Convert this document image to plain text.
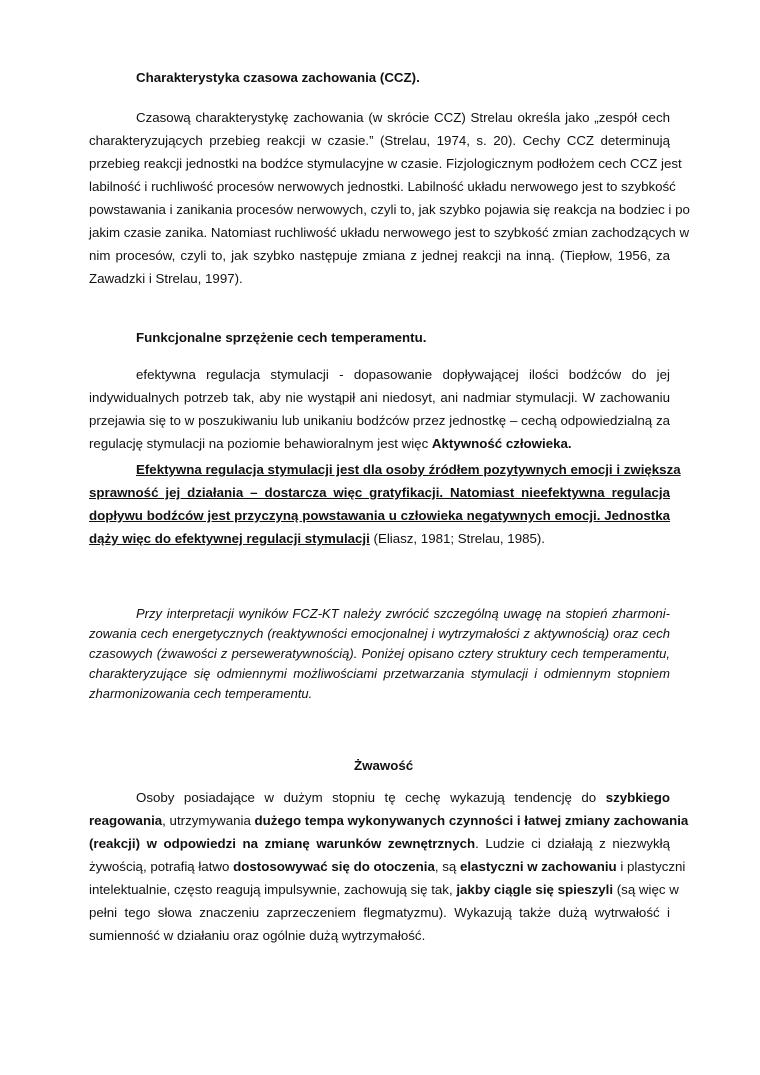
Charakterystyka czasowa zachowania (CCZ).
Czasową charakterystykę zachowania (w skrócie CCZ) Strelau określa jako „zespół cech
charakteryzujących przebieg reakcji w czasie.” (Strelau, 1974, s. 20). Cechy CCZ determinują
przebieg reakcji jednostki na bodźce stymulacyjne w czasie. Fizjologicznym podłożem cech CCZ jest
labilność i ruchliwość procesów nerwowych jednostki. Labilność układu nerwowego jest to szybkość
powstawania i zanikania procesów nerwowych, czyli to, jak szybko pojawia się reakcja na bodziec i po
jakim czasie zanika. Natomiast ruchliwość układu nerwowego jest to szybkość zmian zachodzących w
nim procesów, czyli to, jak szybko następuje zmiana z jednej reakcji na inną. (Tiepłow, 1956, za
Zawadzki i Strelau, 1997).
Funkcjonalne sprzężenie cech temperamentu.
efektywna regulacja stymulacji - dopasowanie dopływającej ilości bodźców do jej
indywidualnych potrzeb tak, aby nie wystąpił ani niedosyt, ani nadmiar stymulacji. W zachowaniu
przejawia się to w poszukiwaniu lub unikaniu bodźców przez jednostkę – cechą odpowiedzialną za
regulację stymulacji na poziomie behawioralnym jest więc Aktywność człowieka.
Efektywna regulacja stymulacji jest dla osoby źródłem pozytywnych emocji i zwiększa
sprawność jej działania – dostarcza więc gratyfikacji. Natomiast nieefektywna regulacja
dopływu bodźców jest przyczyną powstawania u człowieka negatywnych emocji. Jednostka
dąży więc do efektywnej regulacji stymulacji (Eliasz, 1981; Strelau, 1985).
Przy interpretacji wyników FCZ-KT należy zwrócić szczególną uwagę na stopień zharmoni-
zowania cech energetycznych (reaktywności emocjonalnej i wytrzymałości z aktywnością) oraz cech
czasowych (żwawości z perseweratywnością). Poniżej opisano cztery struktury cech temperamentu,
charakteryzujące się odmiennymi możliwościami przetwarzania stymulacji i odmiennym stopniem
zharmonizowania cech temperamentu.
Żwawość
Osoby posiadające w dużym stopniu tę cechę wykazują tendencję do szybkiego
reagowania, utrzymywania dużego tempa wykonywanych czynności i łatwej zmiany zachowania
(reakcji) w odpowiedzi na zmianę warunków zewnętrznych. Ludzie ci działają z niezwykłą
żywością, potrafią łatwo dostosowywać się do otoczenia, są elastyczni w zachowaniu i plastyczni
intelektualnie, często reagują impulsywnie, zachowują się tak, jakby ciągle się spieszyli (są więc w
pełni tego słowa znaczeniu zaprzeczeniem flegmatyzmu). Wykazują także dużą wytrwałość i
sumienność w działaniu oraz ogólnie dużą wytrzymałość.
